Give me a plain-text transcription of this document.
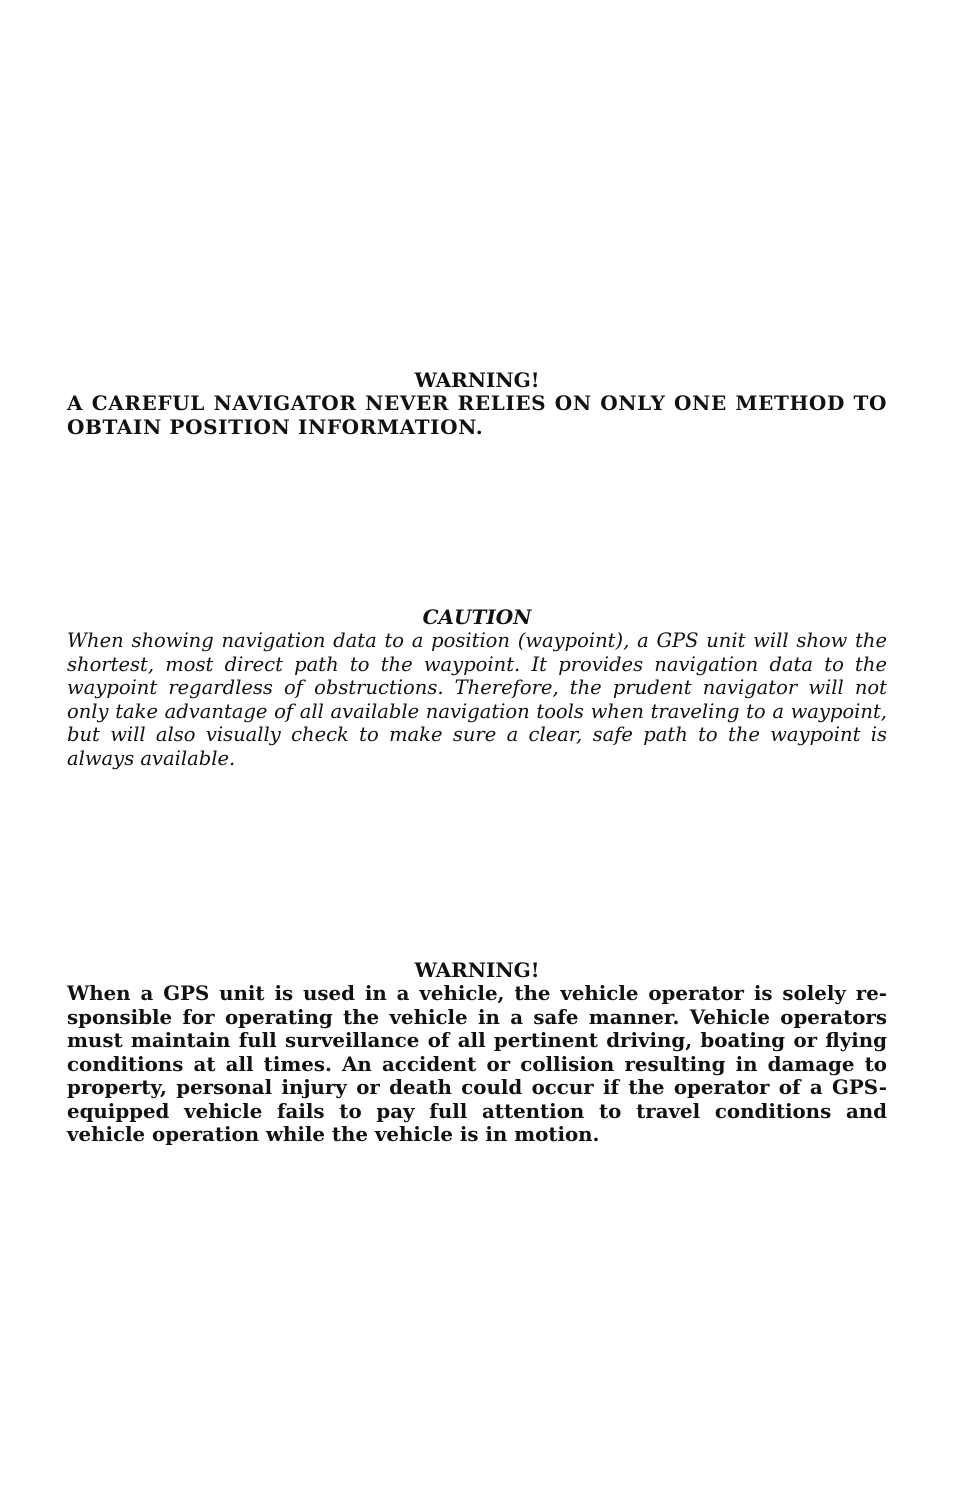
WARNING!

A CAREFUL NAVIGATOR NEVER RELIES ON ONLY ONE METHOD TO OBTAIN POSITION INFORMATION.

CAUTION

When showing navigation data to a position (waypoint), a GPS unit will show the shortest, most direct path to the waypoint. It provides navigation data to the waypoint regardless of obstructions. Therefore, the prudent navigator will not only take advantage of all available navigation tools when traveling to a waypoint, but will also visually check to make sure a clear, safe path to the waypoint is always available.

WARNING!

When a GPS unit is used in a vehicle, the vehicle operator is solely responsible for operating the vehicle in a safe manner. Vehicle operators must maintain full surveillance of all pertinent driving, boating or flying conditions at all times. An accident or collision resulting in damage to property, personal injury or death could occur if the operator of a GPS-equipped vehicle fails to pay full attention to travel conditions and vehicle operation while the vehicle is in motion.
